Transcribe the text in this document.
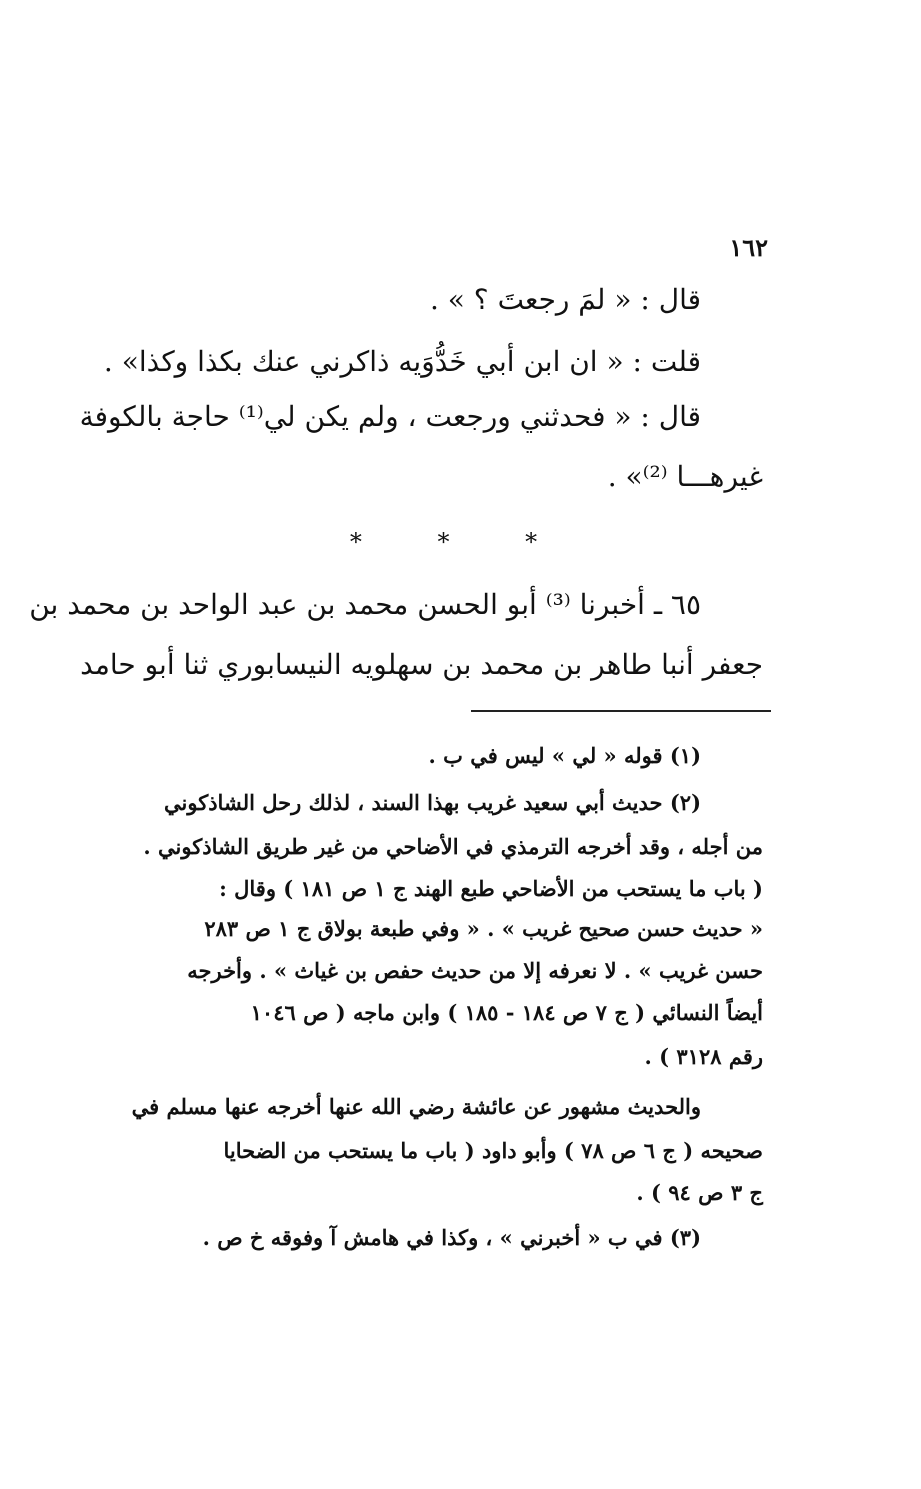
١٦٢
قال : « لمَ رجعتَ ؟ » .
قلت : « ان ابن أبي خَدُّوَيه ذاكرني عنك بكذا وكذا» .
قال : « فحدثني ورجعت ، ولم يكن لي⁽¹⁾ حاجة بالكوفة
غيرهـــا ⁽²⁾» .
* * *
٦٥ ـ أخبرنا ⁽³⁾ أبو الحسن محمد بن عبد الواحد بن محمد بن
جعفر أنبا طاهر بن محمد بن سهلويه النيسابوري ثنا أبو حامد
(١) قوله « لي » ليس في ب .
(٢) حديث أبي سعيد غريب بهذا السند ، لذلك رحل الشاذكوني
من أجله ، وقد أخرجه الترمذي في الأضاحي من غير طريق الشاذكوني .
( باب ما يستحب من الأضاحي طبع الهند ج ١ ص ١٨١ ) وقال :
« حديث حسن صحيح غريب » . « وفي طبعة بولاق ج ١ ص ٢٨٣
حسن غريب » . لا نعرفه إلا من حديث حفص بن غياث » . وأخرجه
أيضاً النسائي ( ج ٧ ص ١٨٤ - ١٨٥ ) وابن ماجه ( ص ١٠٤٦
رقم ٣١٢٨ ) .
والحديث مشهور عن عائشة رضي الله عنها أخرجه عنها مسلم في
صحيحه ( ج ٦ ص ٧٨ ) وأبو داود ( باب ما يستحب من الضحايا
ج ٣ ص ٩٤ ) .
(٣) في ب « أخبرني » ، وكذا في هامش آ وفوقه خ ص .
